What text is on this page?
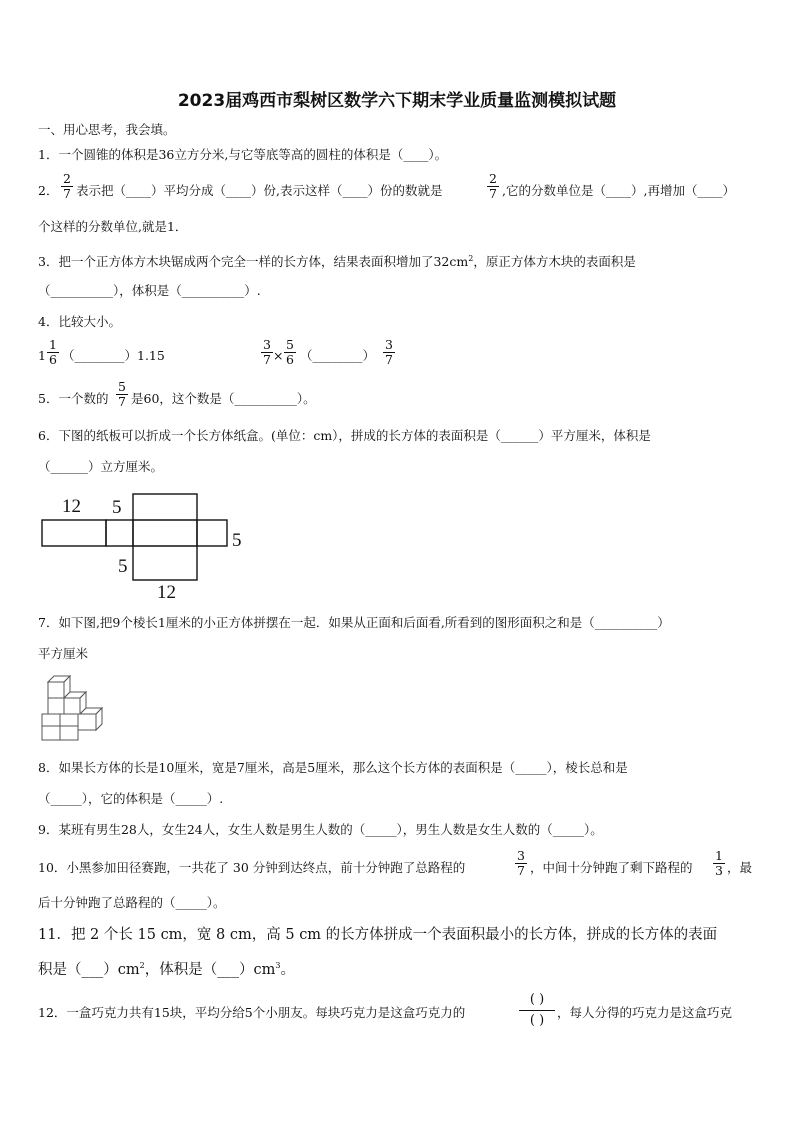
2023届鸡西市梨树区数学六下期末学业质量监测模拟试题
一、用心思考，我会填。
1．一个圆锥的体积是36立方分米,与它等底等高的圆柱的体积是（____）。
2． $\frac{2}{7}$ 表示把（____）平均分成（____）份,表示这样（____）份的数就是	$\frac{2}{7}$ ,它的分数单位是（____）,再增加（____）
个这样的分数单位,就是1．
3．把一个正方体方木块锯成两个完全一样的长方体，结果表面积增加了$32cm^2$，原正方体方木块的表面积是
（__________），体积是（__________）.
4．比较大小。
$1 \frac{1}{6}$ （________）1.15	$\frac{3}{7} \times \frac{5}{6}$ （________） $\frac{3}{7}$
5．一个数的 $\frac{5}{7}$ 是60，这个数是（__________）。
6．下图的纸板可以折成一个长方体纸盒。(单位：cm），拼成的长方体的表面积是（______）平方厘米，体积是
（______）立方厘米。
12 5
5
5
12
7．如下图,把9个棱长1厘米的小正方体拼摆在一起．如果从正面和后面看,所看到的图形面积之和是（__________）
平方厘米
8．如果长方体的长是10厘米，宽是7厘米，高是5厘米，那么这个长方体的表面积是（_____），棱长总和是
（_____），它的体积是（_____）.
9．某班有男生28人，女生24人，女生人数是男生人数的（_____），男生人数是女生人数的（_____）。
10．小黑参加田径赛跑，一共花了 30 分钟到达终点，前十分钟跑了总路程的	$\frac{3}{7}$ ，中间十分钟跑了剩下路程的 $\frac{1}{3}$ ，最
后十分钟跑了总路程的（_____）。
11．把 2 个长 15 cm，宽 8 cm，高 5 cm 的长方体拼成一个表面积最小的长方体，拼成的长方体的表面
积是$(\_\_\_)cm^2$，体积是$(\_\_\_)cm^3$。
12．一盒巧克力共有15块，平均分给5个小朋友。每块巧克力是这盒巧克力的
( )
( )
，每人分得的巧克力是这盒巧克
